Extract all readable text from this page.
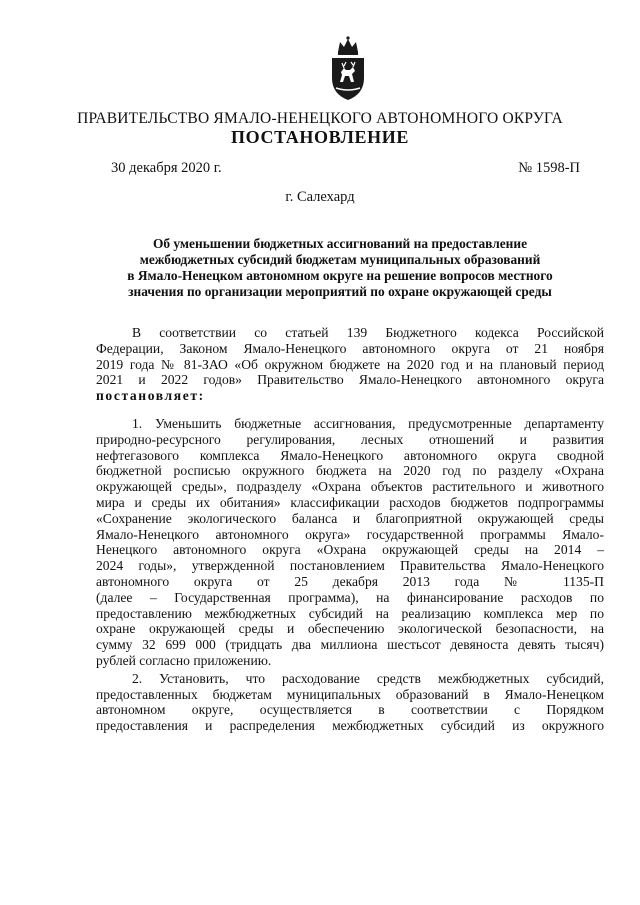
ПРАВИТЕЛЬСТВО ЯМАЛО-НЕНЕЦКОГО АВТОНОМНОГО ОКРУГА
ПОСТАНОВЛЕНИЕ
30 декабря 2020 г.	№ 1598-П
г. Салехард
Об уменьшении бюджетных ассигнований на предоставление
межбюджетных субсидий бюджетам муниципальных образований
в Ямало-Ненецком автономном округе на решение вопросов местного
значения по организации мероприятий по охране окружающей среды
В соответствии со статьей 139 Бюджетного кодекса Российской
Федерации, Законом Ямало-Ненецкого автономного округа от 21 ноября
2019 года № 81-ЗАО «Об окружном бюджете на 2020 год и на плановый период
2021 и 2022 годов» Правительство Ямало-Ненецкого автономного округа
постановляет:
1. Уменьшить бюджетные ассигнования, предусмотренные департаменту
природно-ресурсного регулирования, лесных отношений и развития
нефтегазового комплекса Ямало-Ненецкого автономного округа сводной
бюджетной росписью окружного бюджета на 2020 год по разделу «Охрана
окружающей среды», подразделу «Охрана объектов растительного и животного
мира и среды их обитания» классификации расходов бюджетов подпрограммы
«Сохранение экологического баланса и благоприятной окружающей среды
Ямало-Ненецкого автономного округа» государственной программы Ямало-
Ненецкого автономного округа «Охрана окружающей среды на 2014 –
2024 годы», утвержденной постановлением Правительства Ямало-Ненецкого
автономного округа от 25 декабря 2013 года № 1135-П
(далее – Государственная программа), на финансирование расходов по
предоставлению межбюджетных субсидий на реализацию комплекса мер по
охране окружающей среды и обеспечению экологической безопасности, на
сумму 32 699 000 (тридцать два миллиона шестьсот девяноста девять тысяч)
рублей согласно приложению.
2. Установить, что расходование средств межбюджетных субсидий,
предоставленных бюджетам муниципальных образований в Ямало-Ненецком
автономном округе, осуществляется в соответствии с Порядком
предоставления и распределения межбюджетных субсидий из окружного
